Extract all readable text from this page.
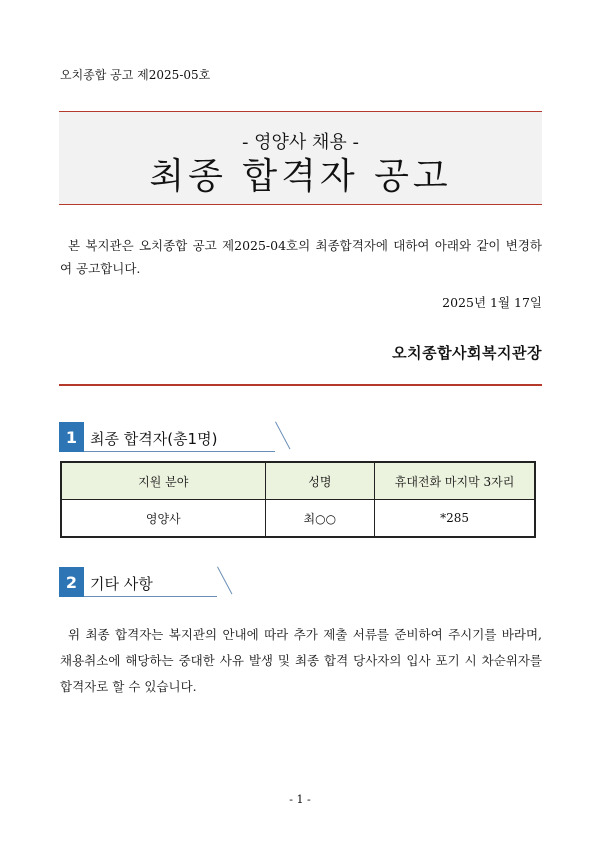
오치종합 공고 제2025-05호
- 영양사 채용 -
최종 합격자 공고
본 복지관은 오치종합 공고 제2025-04호의 최종합격자에 대하여 아래와 같이 변경하여 공고합니다.
2025년 1월 17일
오치종합사회복지관장
1 최종 합격자(총1명)
지원 분야	성명	휴대전화 마지막 3자리
영양사	최○○	*285
2 기타 사항
위 최종 합격자는 복지관의 안내에 따라 추가 제출 서류를 준비하여 주시기를 바라며, 채용취소에 해당하는 중대한 사유 발생 및 최종 합격 당사자의 입사 포기 시 차순위자를 합격자로 할 수 있습니다.
- 1 -
